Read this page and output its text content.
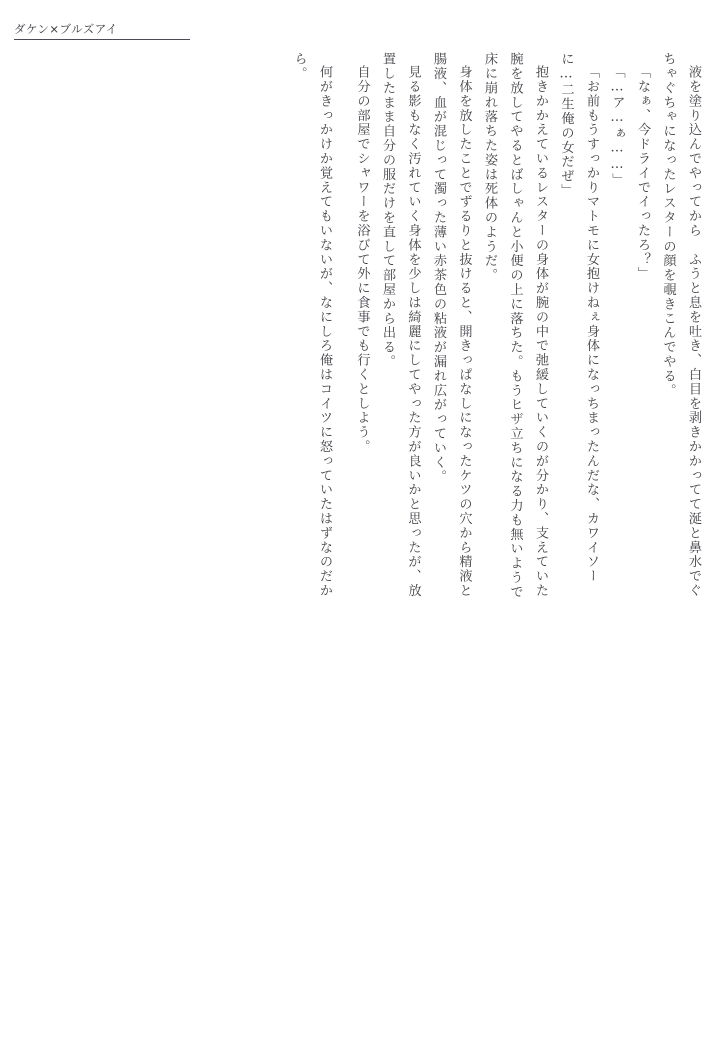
ダケン×ブルズアイ

液を塗り込んでやってから　ふうと息を吐き、白目を剥きかかってて涎と鼻水でぐちゃぐちゃになったレスターの顔を覗きこんでやる。

「なぁ、今ドライでイったろ？」

「…ア…ぁ……」

「お前もうすっかりマトモに女抱けねぇ身体になっちまったんだな、カワイソーに…二生俺の女だぜ」

抱きかかえているレスターの身体が腕の中で弛緩していくのが分かり、支えていた腕を放してやるとばしゃんと小便の上に落ちた。もうヒザ立ちになる力も無いようで床に崩れ落ちた姿は死体のようだ。

身体を放したことでずるりと抜けると、開きっぱなしになったケツの穴から精液と腸液、血が混じって濁った薄い赤茶色の粘液が漏れ広がっていく。

見る影もなく汚れていく身体を少しは綺麗にしてやった方が良いかと思ったが、放置したまま自分の服だけを直して部屋から出る。

自分の部屋でシャワーを浴びて外に食事でも行くとしよう。

何がきっかけか覚えてもいないが、なにしろ俺はコイツに怒っていたはずなのだから。
